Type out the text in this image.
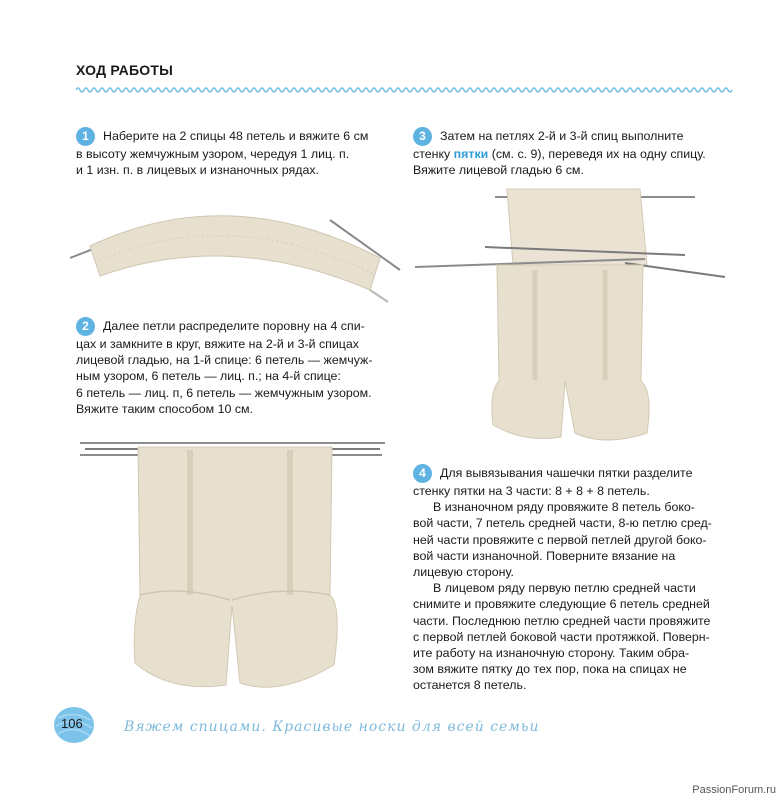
ХОД РАБОТЫ

1 Наберите на 2 спицы 48 петель и вяжите 6 см

в высоту жемчужным узором, чередуя 1 лиц. п.

и 1 изн. п. в лицевых и изнаночных рядах.

2 Далее петли распределите поровну на 4 спи-

цах и замкните в круг, вяжите на 2-й и 3-й спицах

лицевой гладью, на 1-й спице: 6 петель — жемчуж-

ным узором, 6 петель — лиц. п.; на 4-й спице:

6 петель — лиц. п, 6 петель — жемчужным узором.

Вяжите таким способом 10 см.

3 Затем на петлях 2-й и 3-й спиц выполните

стенку пятки (см. с. 9), переведя их на одну спицу.

Вяжите лицевой гладью 6 см.

4 Для вывязывания чашечки пятки разделите

стенку пятки на 3 части: 8 + 8 + 8 петель.

В изнаночном ряду провяжите 8 петель боко-

вой части, 7 петель средней части, 8-ю петлю сред-

ней части провяжите с первой петлей другой боко-

вой части изнаночной. Поверните вязание на

лицевую сторону.

В лицевом ряду первую петлю средней части

снимите и провяжите следующие 6 петель средней

части. Последнюю петлю средней части провяжите

с первой петлей боковой части протяжкой. Поверн-

ите работу на изнаночную сторону. Таким обра-

зом вяжите пятку до тех пор, пока на спицах не

останется 8 петель.

106	Вяжем спицами. Красивые носки для всей семьи
PassionForum.ru
